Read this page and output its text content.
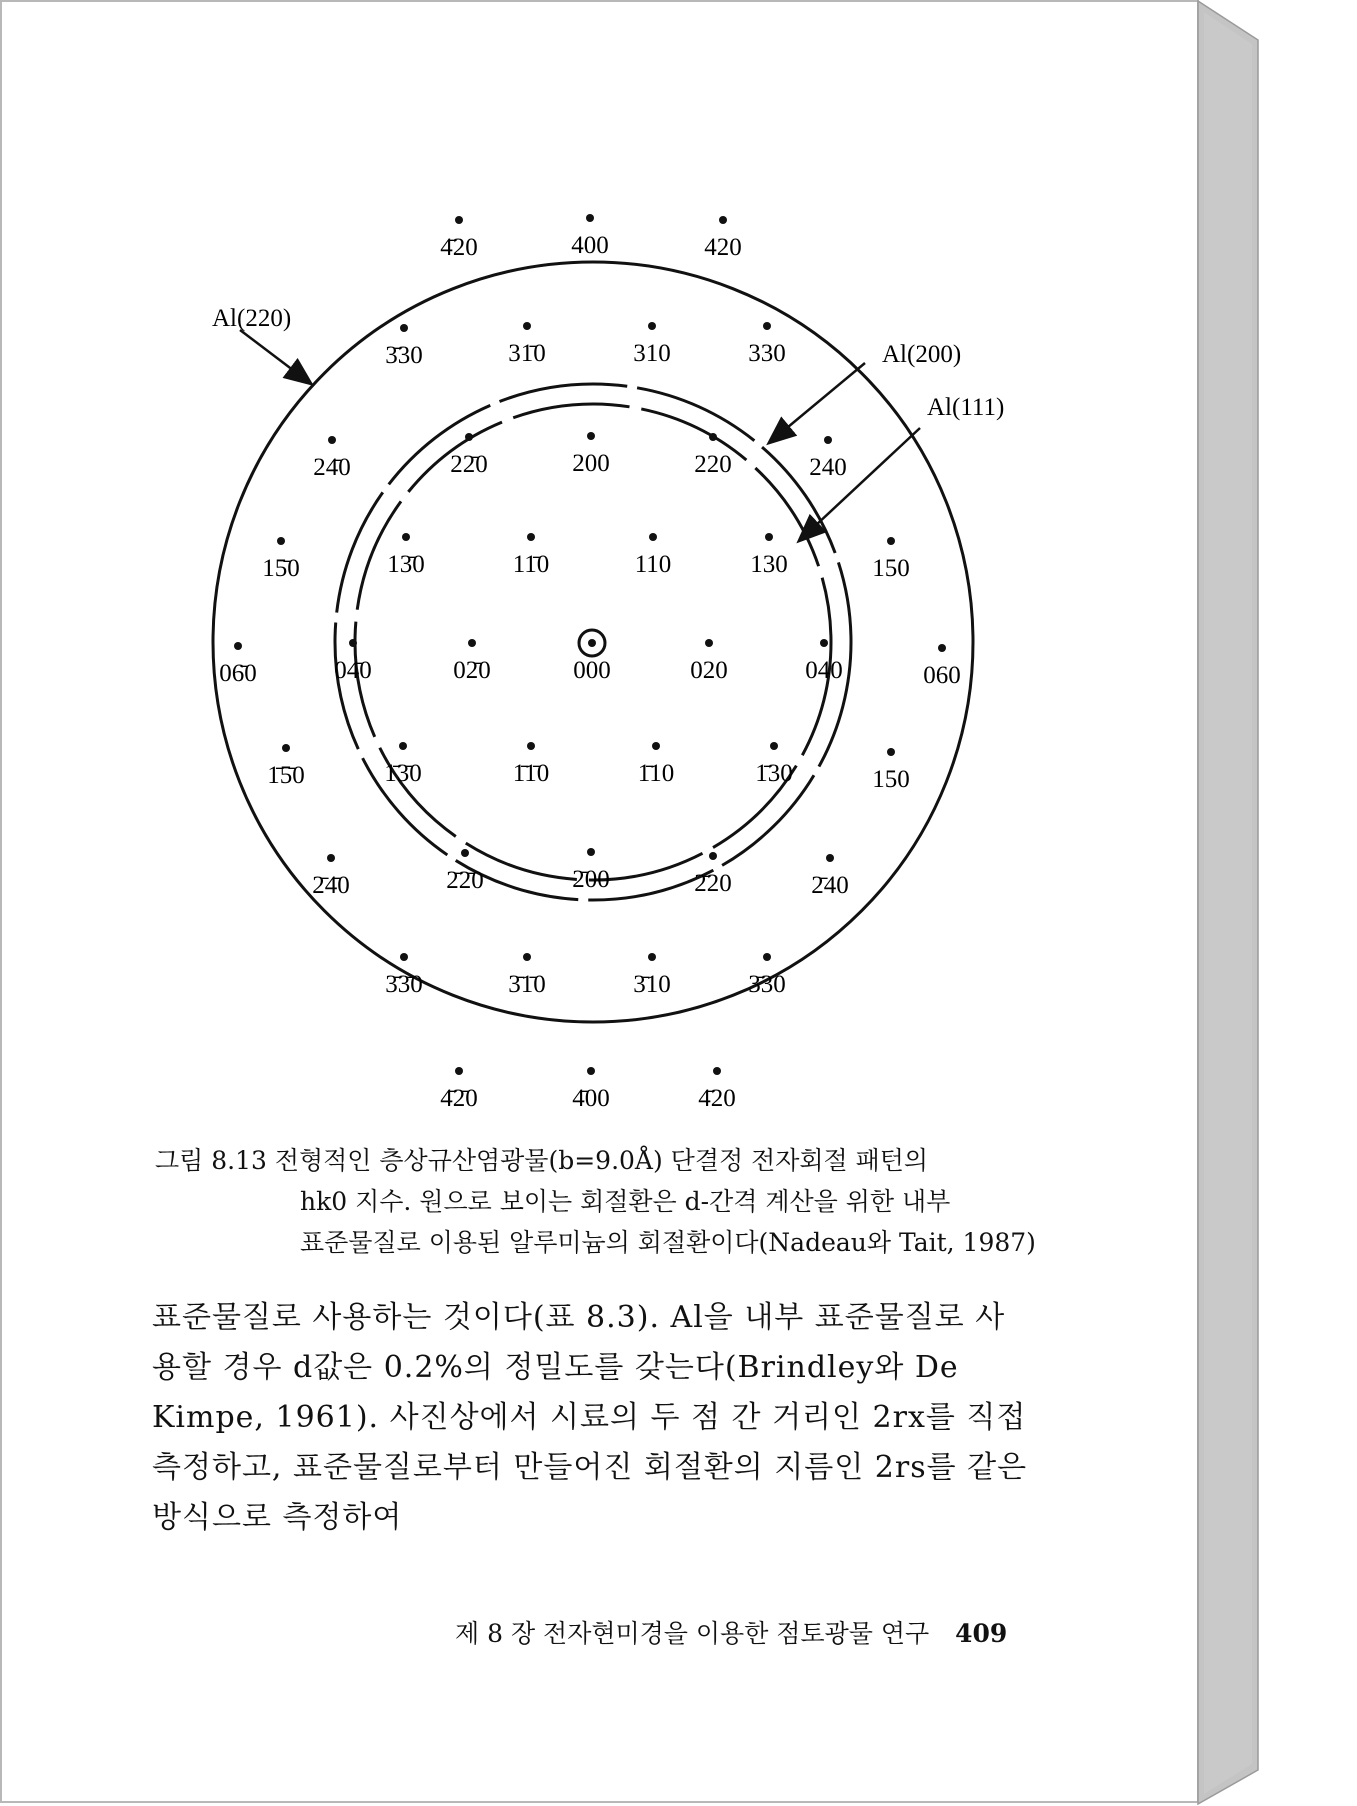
Al(220)
Al(200)
Al(111)
4̄20	400	420
3̄30	31̄0	310	330
24̄0	22̄0	200	220	240
15̄0	13̄0	11̄0	110	130	150
06̄0	04̄0	02̄0	000	020	040	060
1̄5̄0	1̄3̄0	1̄1̄0	1̄10	1̄30	150
2̄4̄0	2̄2̄0	2̄00	2̄20	2̄40
3̄3̄0	3̄1̄0	3̄10	3̄30
4̄2̄0	4̄00	4̄20
그림 8.13 전형적인 층상규산염광물(b=9.0Å) 단결정 전자회절 패턴의
hk0 지수. 원으로 보이는 회절환은 d-간격 계산을 위한 내부
표준물질로 이용된 알루미늄의 회절환이다(Nadeau와 Tait, 1987)
표준물질로 사용하는 것이다(표 8.3). Al을 내부 표준물질로 사
용할 경우 d값은 0.2%의 정밀도를 갖는다(Brindley와 De
Kimpe, 1961). 사진상에서 시료의 두 점 간 거리인 2rx를 직접
측정하고, 표준물질로부터 만들어진 회절환의 지름인 2rs를 같은
방식으로 측정하여
제 8 장 전자현미경을 이용한 점토광물 연구 409
